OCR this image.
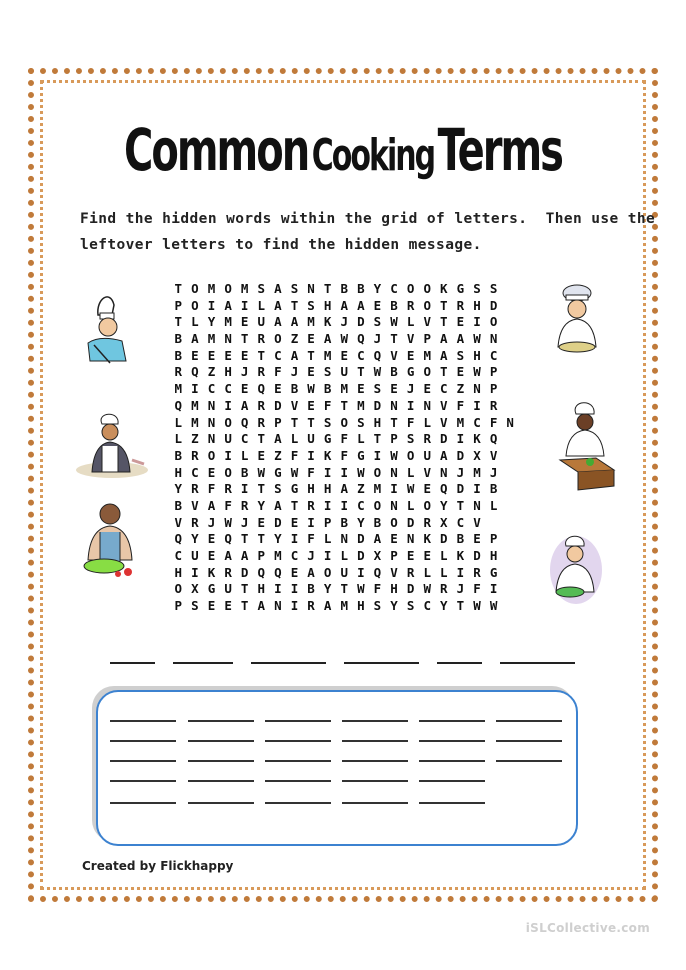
Common Cooking Terms
Find the hidden words within the grid of letters.  Then use the
leftover letters to find the hidden message.
T O M O M S A S N T B B Y C O O K G S S
P O I A I L A T S H A A E B R O T R H D
T L Y M E U A A M K J D S W L V T E I O
B A M N T R O Z E A W Q J T V P A A W N
B E E E E T C A T M E C Q V E M A S H C
R Q Z H J R F J E S U T W B G O T E W P
M I C C E Q E B W B M E S E J E C Z N P
Q M N I A R D V E F T M D N I N V F I R
L M N O Q R P T T S O S H T F L V M C F N
L Z N U C T A L U G F L T P S R D I K Q
B R O I L E Z F I K F G I W O U A D X V
H C E O B W G W F I I W O N L V N J M J
Y R F R I T S G H H A Z M I W E Q D I B
B V A F R Y A T R I I C O N L O Y T N L
V R J W J E D E I P B Y B O D R X C V
Q Y E Q T T Y I F L N D A E N K D B E P
C U E A A P M C J I L D X P E E L K D H
H I K R D Q Q E A O U I Q V R L L I R G
O X G U T H I I B Y T W F H D W R J F I
P S E E T A N I R A M H S Y S C Y T W W
Created by Flickhappy
iSLCollective.com
